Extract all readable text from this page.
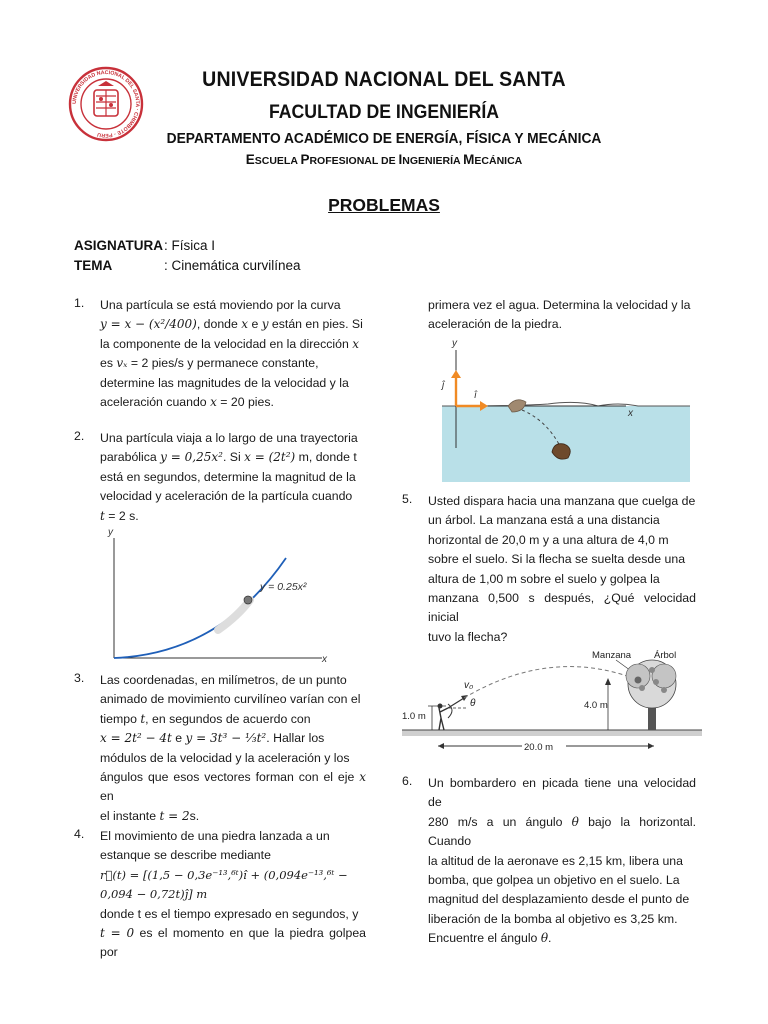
UNIVERSIDAD NACIONAL DEL SANTA · CHIMBOTE - PERU
UNIVERSIDAD NACIONAL DEL SANTA
FACULTAD DE INGENIERÍA
DEPARTAMENTO ACADÉMICO DE ENERGÍA, FÍSICA Y MECÁNICA
ESCUELA PROFESIONAL DE INGENIERÍA MECÁNICA
PROBLEMAS
ASIGNATURA: Física I
TEMA	: Cinemática curvilínea
1. Una partícula se está moviendo por la curva
y = x − (x²/400), donde x e y están en pies. Si
la componente de la velocidad en la dirección x
es vₓ = 2 pies/s y permanece constante,
determine las magnitudes de la velocidad y la
aceleración cuando x = 20 pies.
2. Una partícula viaja a lo largo de una trayectoria
parabólica y = 0,25x². Si x = (2t²) m, donde t
está en segundos, determine la magnitud de la
velocidad y aceleración de la partícula cuando
t = 2 s.
y
x
y = 0.25x²
3. Las coordenadas, en milímetros, de un punto
animado de movimiento curvilíneo varían con el
tiempo t, en segundos de acuerdo con
x = 2t² − 4t e y = 3t³ − ⅓t². Hallar los
módulos de la velocidad y la aceleración y los
ángulos que esos vectores forman con el eje x en
el instante t = 2s.
4. El movimiento de una piedra lanzada a un
estanque se describe mediante
r⃗(t) = [(1,5 − 0,3e⁻¹³,⁶ᵗ)î + (0,094e⁻¹³,⁶ᵗ −
0,094 − 0,72t)ĵ] m
donde t es el tiempo expresado en segundos, y
t = 0 es el momento en que la piedra golpea por
primera vez el agua. Determina la velocidad y la
aceleración de la piedra.
y
x
ĵ
î
5. Usted dispara hacia una manzana que cuelga de
un árbol. La manzana está a una distancia
horizontal de 20,0 m y a una altura de 4,0 m
sobre el suelo. Si la flecha se suelta desde una
altura de 1,00 m sobre el suelo y golpea la
manzana 0,500 s después, ¿Qué velocidad inicial
tuvo la flecha?
20.0 m
1.0 m
θ
v₀
Manzana Árbol
4.0 m
6. Un bombardero en picada tiene una velocidad de
280 m/s a un ángulo θ bajo la horizontal. Cuando
la altitud de la aeronave es 2,15 km, libera una
bomba, que golpea un objetivo en el suelo. La
magnitud del desplazamiento desde el punto de
liberación de la bomba al objetivo es 3,25 km.
Encuentre el ángulo θ.
